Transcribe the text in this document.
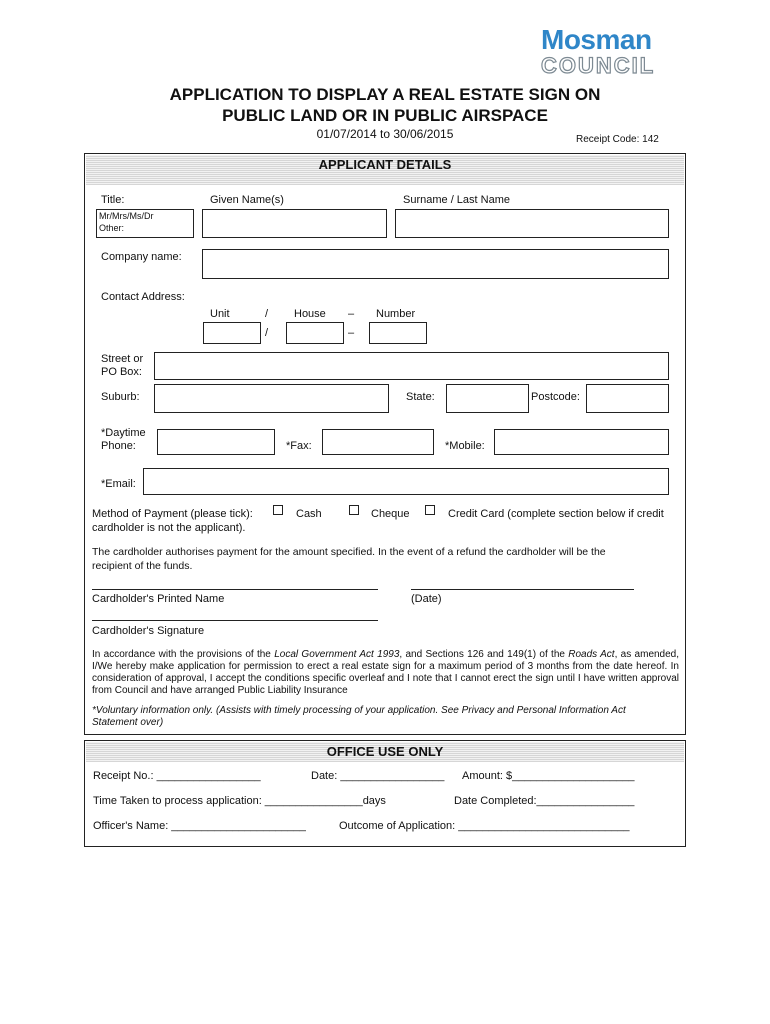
Mosman
COUNCIL
APPLICATION TO DISPLAY A REAL ESTATE SIGN ON
PUBLIC LAND OR IN PUBLIC AIRSPACE
01/07/2014 to 30/06/2015	Receipt Code: 142
APPLICANT DETAILS
Title:	Given Name(s)	Surname / Last Name
Mr/Mrs/Ms/Dr
Other:
Company name:
Contact Address:
Unit	/ House – Number
/	–
Street or
PO Box:
Suburb:	State:	Postcode:
*Daytime
Phone:	*Fax:	*Mobile:
*Email:
Method of Payment (please tick):	Cash	Cheque	Credit Card (complete section below if credit
cardholder is not the applicant).
The cardholder authorises payment for the amount specified. In the event of a refund the cardholder will be the
recipient of the funds.
Cardholder's Printed Name	(Date)
Cardholder's Signature
In accordance with the provisions of the Local Government Act 1993, and Sections 126 and 149(1) of the Roads Act, as amended, I/We hereby make application for permission to erect a real estate sign for a maximum period of 3 months from the date hereof. In consideration of approval, I accept the conditions specific overleaf and I note that I cannot erect the sign until I have written approval from Council and have arranged Public Liability Insurance
*Voluntary information only. (Assists with timely processing of your application. See Privacy and Personal Information Act Statement over)
OFFICE USE ONLY
Receipt No.: _________________	Date: _________________ Amount: $____________________
Time Taken to process application: ________________days	Date Completed:________________
Officer's Name: ______________________	Outcome of Application: ____________________________
